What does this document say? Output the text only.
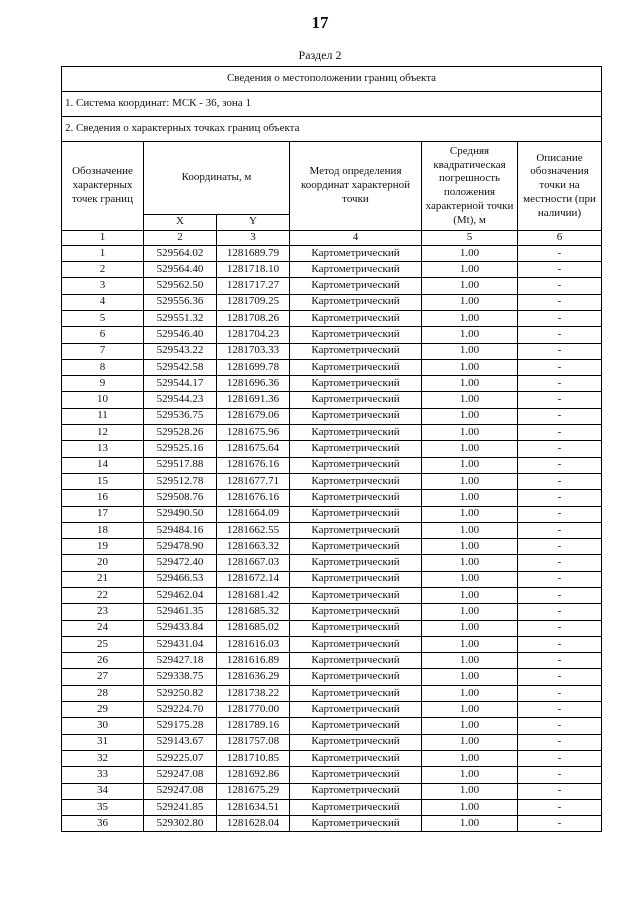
17
Раздел 2
Сведения о местоположении границ объекта					
1. Система координат: МСК - 36, зона 1					
2. Сведения о характерных точках границ объекта					
Обозначение характерных точек границ	Координаты, м		Метод определения координат характерной точки	Средняя квадратическая погрешность положения характерной точки (Mt), м	Описание обозначения точки на местности (при наличии)
	X	Y			
1	2	3	4	5	6
1	529564.02	1281689.79	Картометрический	1.00	-
2	529564.40	1281718.10	Картометрический	1.00	-
3	529562.50	1281717.27	Картометрический	1.00	-
4	529556.36	1281709.25	Картометрический	1.00	-
5	529551.32	1281708.26	Картометрический	1.00	-
6	529546.40	1281704.23	Картометрический	1.00	-
7	529543.22	1281703.33	Картометрический	1.00	-
8	529542.58	1281699.78	Картометрический	1.00	-
9	529544.17	1281696.36	Картометрический	1.00	-
10	529544.23	1281691.36	Картометрический	1.00	-
11	529536.75	1281679.06	Картометрический	1.00	-
12	529528.26	1281675.96	Картометрический	1.00	-
13	529525.16	1281675.64	Картометрический	1.00	-
14	529517.88	1281676.16	Картометрический	1.00	-
15	529512.78	1281677.71	Картометрический	1.00	-
16	529508.76	1281676.16	Картометрический	1.00	-
17	529490.50	1281664.09	Картометрический	1.00	-
18	529484.16	1281662.55	Картометрический	1.00	-
19	529478.90	1281663.32	Картометрический	1.00	-
20	529472.40	1281667.03	Картометрический	1.00	-
21	529466.53	1281672.14	Картометрический	1.00	-
22	529462.04	1281681.42	Картометрический	1.00	-
23	529461.35	1281685.32	Картометрический	1.00	-
24	529433.84	1281685.02	Картометрический	1.00	-
25	529431.04	1281616.03	Картометрический	1.00	-
26	529427.18	1281616.89	Картометрический	1.00	-
27	529338.75	1281636.29	Картометрический	1.00	-
28	529250.82	1281738.22	Картометрический	1.00	-
29	529224.70	1281770.00	Картометрический	1.00	-
30	529175.28	1281789.16	Картометрический	1.00	-
31	529143.67	1281757.08	Картометрический	1.00	-
32	529225.07	1281710.85	Картометрический	1.00	-
33	529247.08	1281692.86	Картометрический	1.00	-
34	529247.08	1281675.29	Картометрический	1.00	-
35	529241.85	1281634.51	Картометрический	1.00	-
36	529302.80	1281628.04	Картометрический	1.00	-
